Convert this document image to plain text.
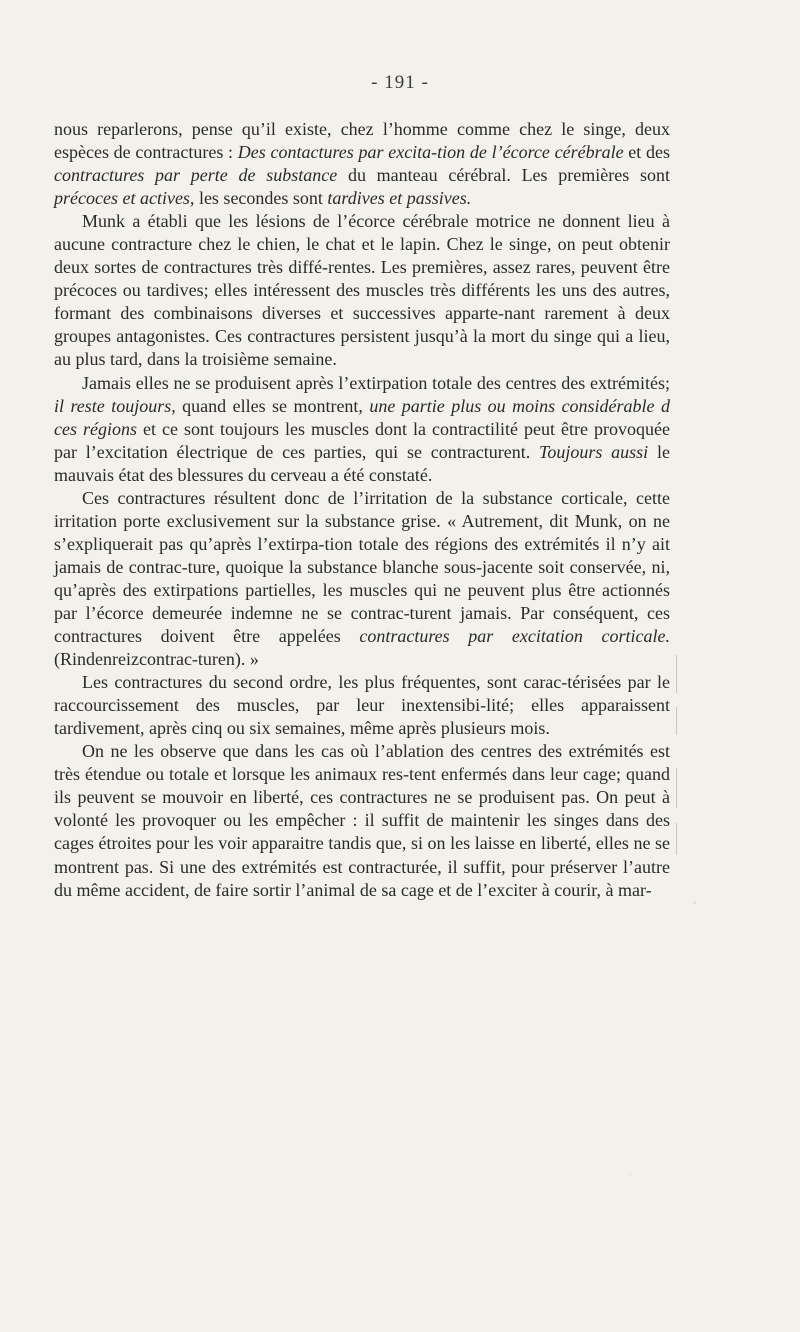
- 191 -

nous reparlerons, pense qu’il existe, chez l’homme comme chez le singe, deux espèces de contractures : Des contactures par excita-tion de l’écorce cérébrale et des contractures par perte de substance du manteau cérébral. Les premières sont précoces et actives, les secondes sont tardives et passives.

Munk a établi que les lésions de l’écorce cérébrale motrice ne donnent lieu à aucune contracture chez le chien, le chat et le lapin. Chez le singe, on peut obtenir deux sortes de contractures très diffé-rentes. Les premières, assez rares, peuvent être précoces ou tardives; elles intéressent des muscles très différents les uns des autres, formant des combinaisons diverses et successives apparte-nant rarement à deux groupes antagonistes. Ces contractures persistent jusqu’à la mort du singe qui a lieu, au plus tard, dans la troisième semaine.

Jamais elles ne se produisent après l’extirpation totale des centres des extrémités; il reste toujours, quand elles se montrent, une partie plus ou moins considérable d ces régions et ce sont toujours les muscles dont la contractilité peut être provoquée par l’excitation électrique de ces parties, qui se contracturent. Toujours aussi le mauvais état des blessures du cerveau a été constaté.

Ces contractures résultent donc de l’irritation de la substance corticale, cette irritation porte exclusivement sur la substance grise. « Autrement, dit Munk, on ne s’expliquerait pas qu’après l’extirpa-tion totale des régions des extrémités il n’y ait jamais de contrac-ture, quoique la substance blanche sous-jacente soit conservée, ni, qu’après des extirpations partielles, les muscles qui ne peuvent plus être actionnés par l’écorce demeurée indemne ne se contrac-turent jamais. Par conséquent, ces contractures doivent être appelées contractures par excitation corticale. (Rindenreizcontrac-turen). »

Les contractures du second ordre, les plus fréquentes, sont carac-térisées par le raccourcissement des muscles, par leur inextensibi-lité; elles apparaissent tardivement, après cinq ou six semaines, même après plusieurs mois.

On ne les observe que dans les cas où l’ablation des centres des extrémités est très étendue ou totale et lorsque les animaux res-tent enfermés dans leur cage; quand ils peuvent se mouvoir en liberté, ces contractures ne se produisent pas. On peut à volonté les provoquer ou les empêcher : il suffit de maintenir les singes dans des cages étroites pour les voir apparaitre tandis que, si on les laisse en liberté, elles ne se montrent pas. Si une des extrémités est contracturée, il suffit, pour préserver l’autre du même accident, de faire sortir l’animal de sa cage et de l’exciter à courir, à mar-
